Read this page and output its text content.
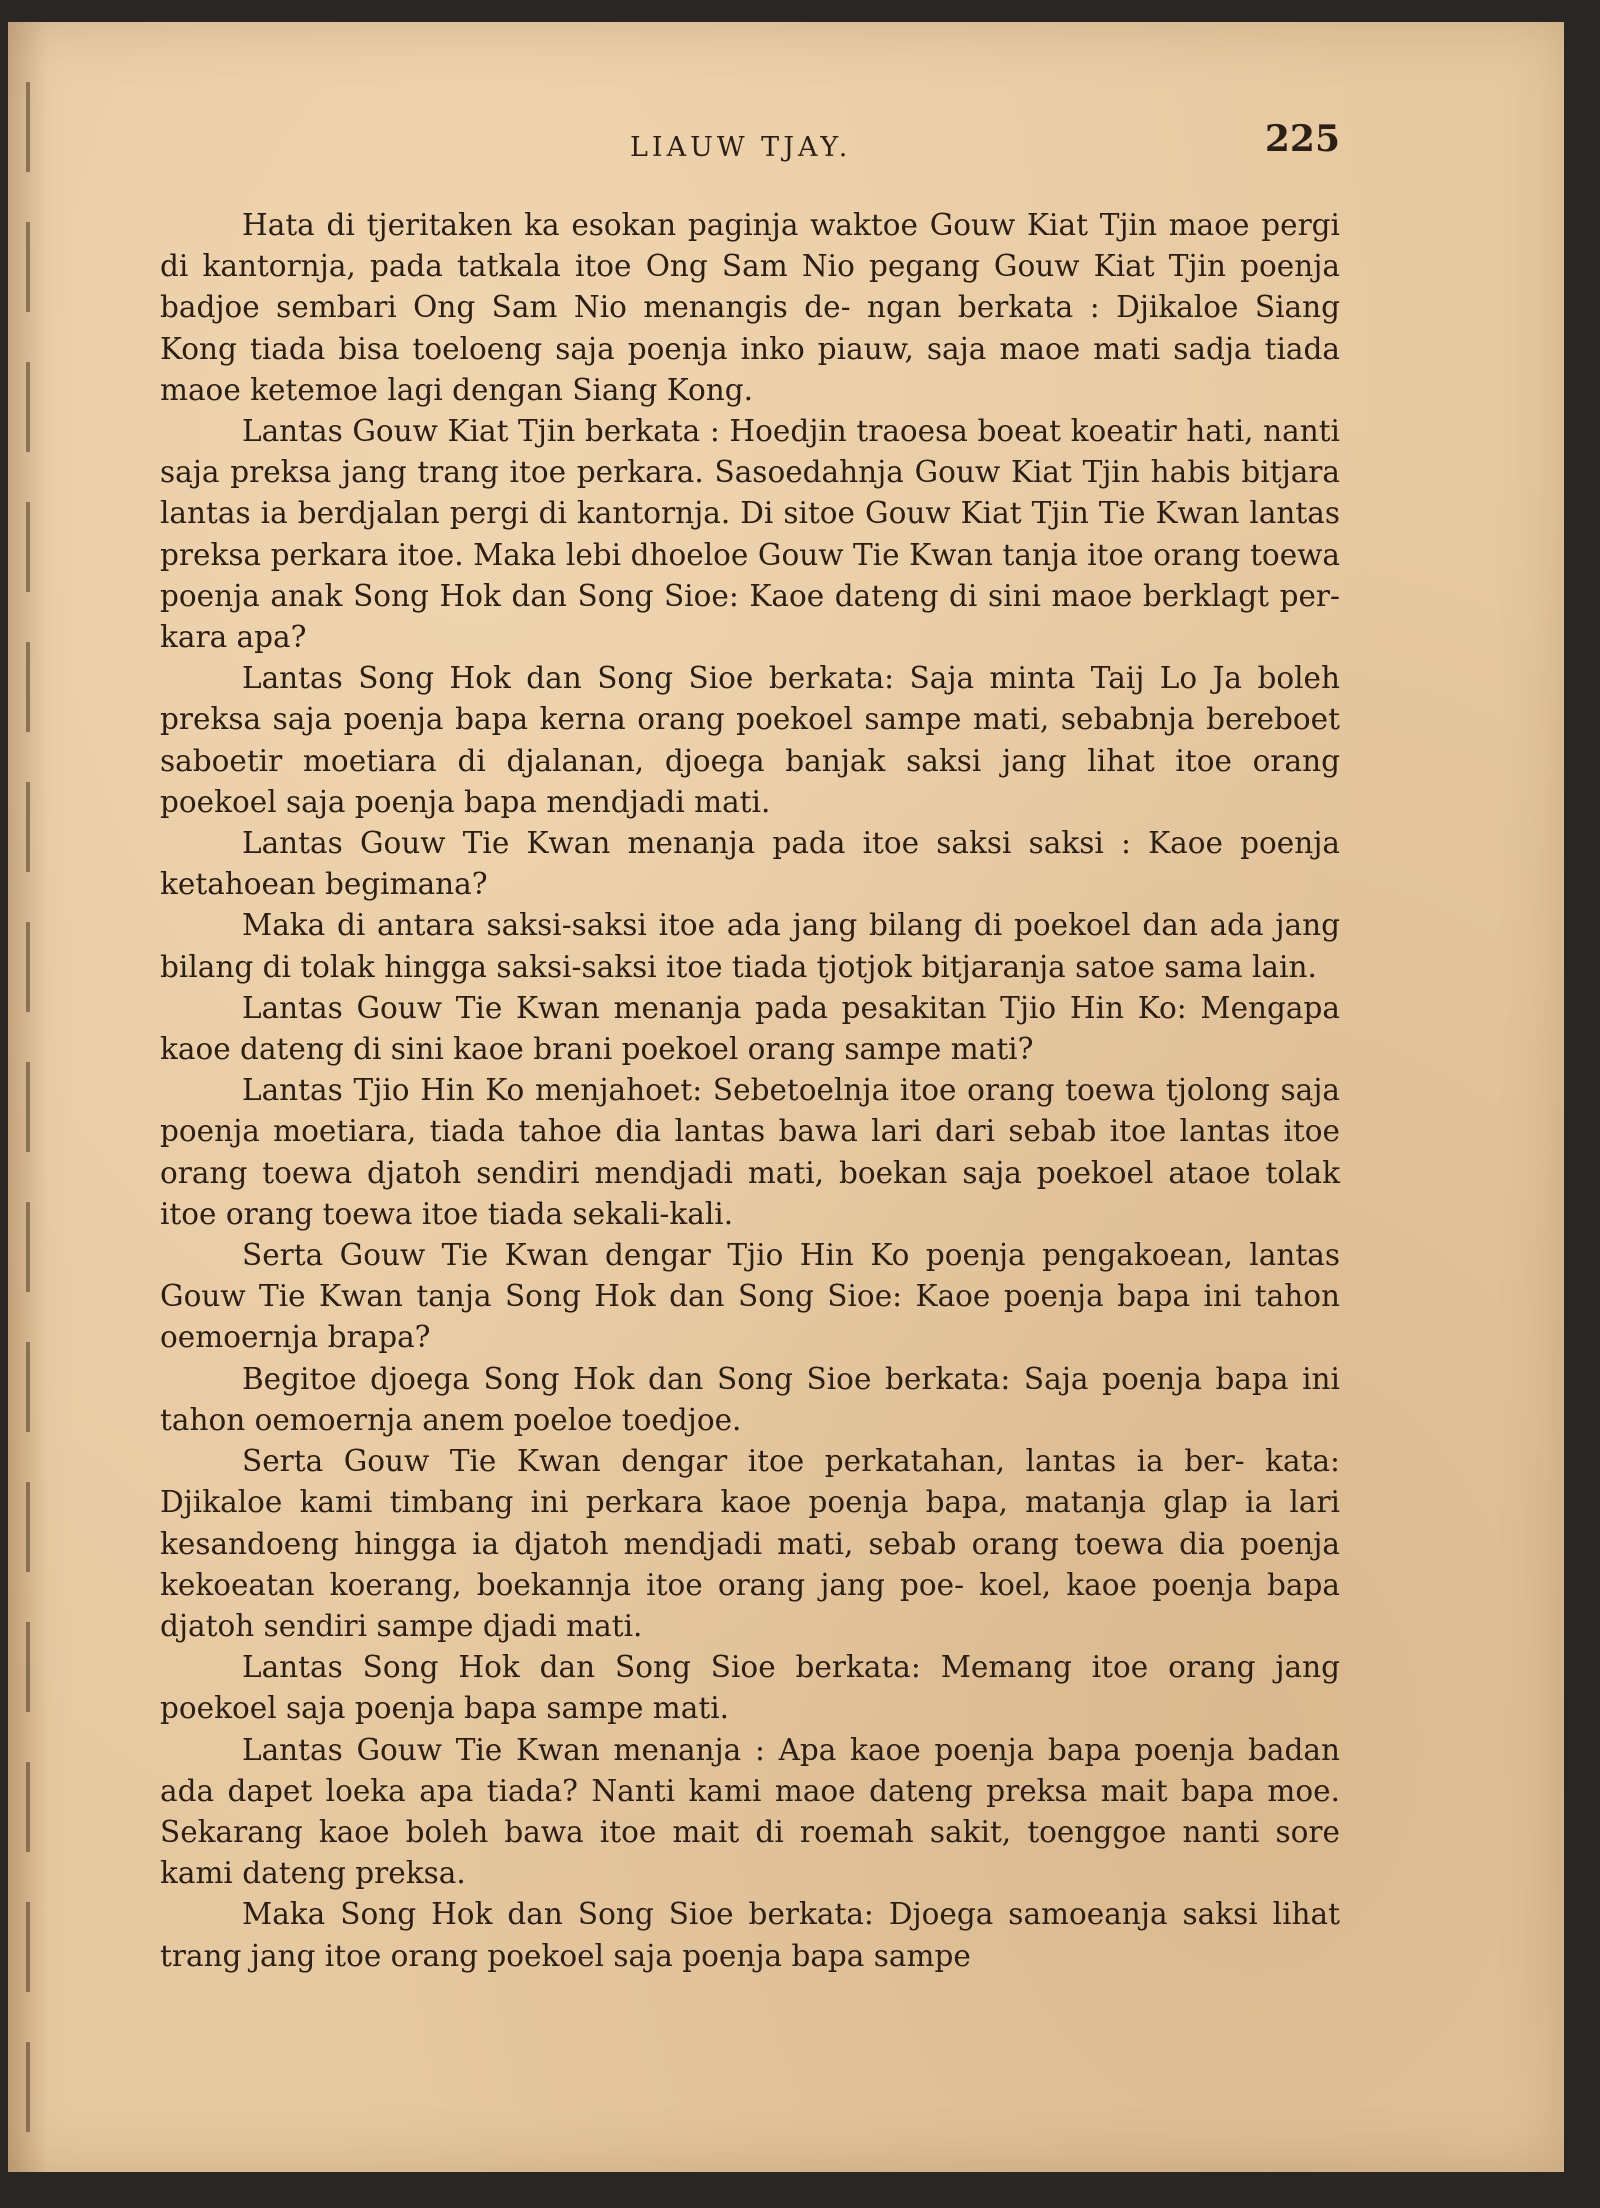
LIAUW TJAY.	225

Hata di tjeritaken ka esokan paginja waktoe Gouw Kiat Tjin maoe pergi di kantornja, pada tatkala itoe Ong Sam Nio pegang Gouw Kiat Tjin poenja badjoe sembari Ong Sam Nio menangis de- ngan berkata : Djikaloe Siang Kong tiada bisa toeloeng saja poenja inko piauw, saja maoe mati sadja tiada maoe ketemoe lagi dengan Siang Kong.

Lantas Gouw Kiat Tjin berkata : Hoedjin traoesa boeat koeatir hati, nanti saja preksa jang trang itoe perkara. Sasoedahnja Gouw Kiat Tjin habis bitjara lantas ia berdjalan pergi di kantornja. Di sitoe Gouw Kiat Tjin Tie Kwan lantas preksa perkara itoe. Maka lebi dhoeloe Gouw Tie Kwan tanja itoe orang toewa poenja anak Song Hok dan Song Sioe: Kaoe dateng di sini maoe berklagt per- kara apa?

Lantas Song Hok dan Song Sioe berkata: Saja minta Taij Lo Ja boleh preksa saja poenja bapa kerna orang poekoel sampe mati, sebabnja bereboet saboetir moetiara di djalanan, djoega banjak saksi jang lihat itoe orang poekoel saja poenja bapa mendjadi mati.

Lantas Gouw Tie Kwan menanja pada itoe saksi saksi : Kaoe poenja ketahoean begimana?

Maka di antara saksi-saksi itoe ada jang bilang di poekoel dan ada jang bilang di tolak hingga saksi-saksi itoe tiada tjotjok bitjaranja satoe sama lain.

Lantas Gouw Tie Kwan menanja pada pesakitan Tjio Hin Ko: Mengapa kaoe dateng di sini kaoe brani poekoel orang sampe mati?

Lantas Tjio Hin Ko menjahoet: Sebetoelnja itoe orang toewa tjolong saja poenja moetiara, tiada tahoe dia lantas bawa lari dari sebab itoe lantas itoe orang toewa djatoh sendiri mendjadi mati, boekan saja poekoel ataoe tolak itoe orang toewa itoe tiada sekali-kali.

Serta Gouw Tie Kwan dengar Tjio Hin Ko poenja pengakoean, lantas Gouw Tie Kwan tanja Song Hok dan Song Sioe: Kaoe poenja bapa ini tahon oemoernja brapa?

Begitoe djoega Song Hok dan Song Sioe berkata: Saja poenja bapa ini tahon oemoernja anem poeloe toedjoe.

Serta Gouw Tie Kwan dengar itoe perkatahan, lantas ia ber- kata: Djikaloe kami timbang ini perkara kaoe poenja bapa, matanja glap ia lari kesandoeng hingga ia djatoh mendjadi mati, sebab orang toewa dia poenja kekoeatan koerang, boekannja itoe orang jang poe- koel, kaoe poenja bapa djatoh sendiri sampe djadi mati.

Lantas Song Hok dan Song Sioe berkata: Memang itoe orang jang poekoel saja poenja bapa sampe mati.

Lantas Gouw Tie Kwan menanja : Apa kaoe poenja bapa poenja badan ada dapet loeka apa tiada? Nanti kami maoe dateng preksa mait bapa moe. Sekarang kaoe boleh bawa itoe mait di roemah sakit, toenggoe nanti sore kami dateng preksa.

Maka Song Hok dan Song Sioe berkata: Djoega samoeanja saksi lihat trang jang itoe orang poekoel saja poenja bapa sampe
